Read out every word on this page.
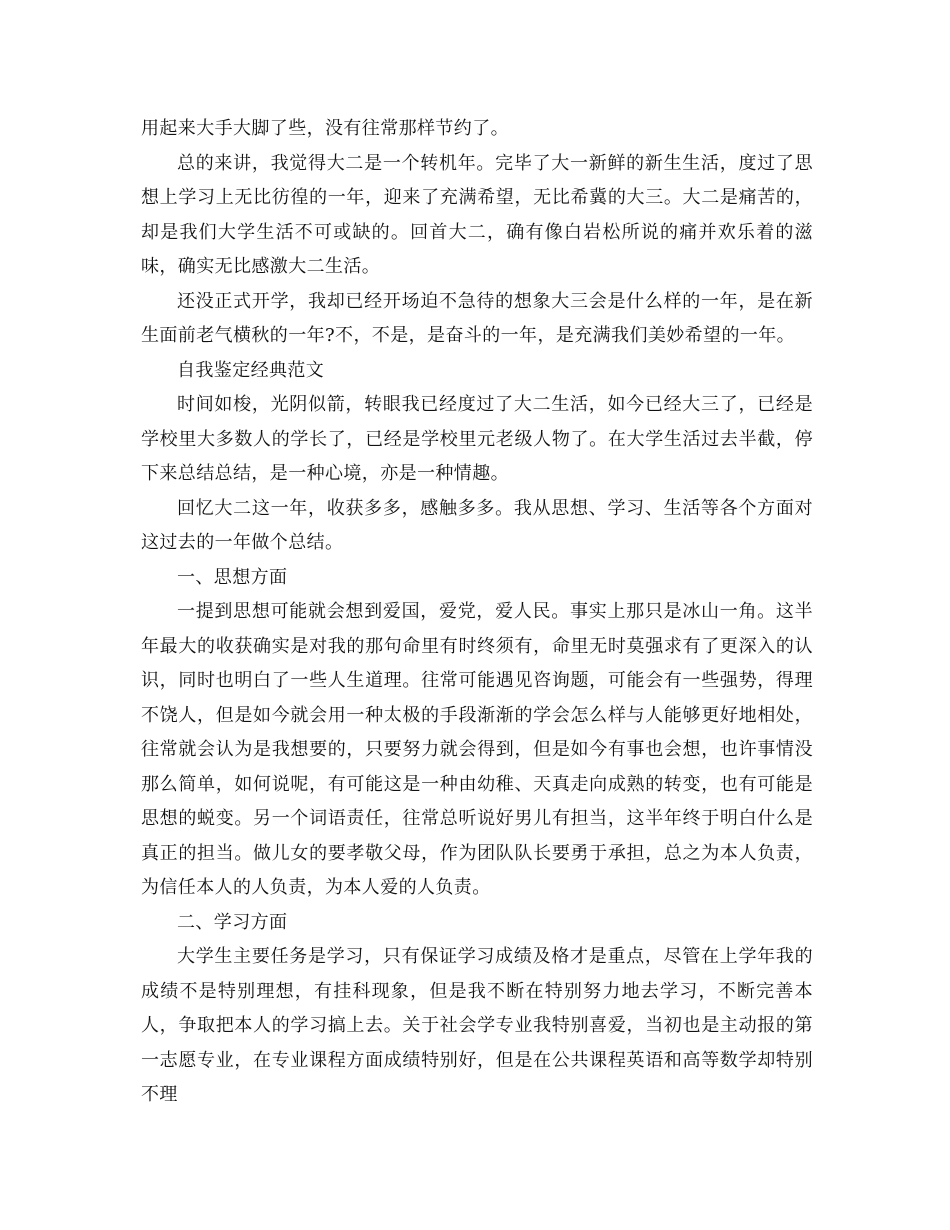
用起来大手大脚了些，没有往常那样节约了。

总的来讲，我觉得大二是一个转机年。完毕了大一新鲜的新生生活，度过了思想上学习上无比彷徨的一年，迎来了充满希望，无比希冀的大三。大二是痛苦的，却是我们大学生活不可或缺的。回首大二，确有像白岩松所说的痛并欢乐着的滋味，确实无比感激大二生活。

还没正式开学，我却已经开场迫不急待的想象大三会是什么样的一年，是在新生面前老气横秋的一年?不，不是，是奋斗的一年，是充满我们美妙希望的一年。

自我鉴定经典范文

时间如梭，光阴似箭，转眼我已经度过了大二生活，如今已经大三了，已经是学校里大多数人的学长了，已经是学校里元老级人物了。在大学生活过去半截，停下来总结总结，是一种心境，亦是一种情趣。

回忆大二这一年，收获多多，感触多多。我从思想、学习、生活等各个方面对这过去的一年做个总结。

一、思想方面

一提到思想可能就会想到爱国，爱党，爱人民。事实上那只是冰山一角。这半年最大的收获确实是对我的那句命里有时终须有，命里无时莫强求有了更深入的认识，同时也明白了一些人生道理。往常可能遇见咨询题，可能会有一些强势，得理不饶人，但是如今就会用一种太极的手段渐渐的学会怎么样与人能够更好地相处，往常就会认为是我想要的，只要努力就会得到，但是如今有事也会想，也许事情没那么简单，如何说呢，有可能这是一种由幼稚、天真走向成熟的转变，也有可能是思想的蜕变。另一个词语责任，往常总听说好男儿有担当，这半年终于明白什么是真正的担当。做儿女的要孝敬父母，作为团队队长要勇于承担，总之为本人负责，为信任本人的人负责，为本人爱的人负责。

二、学习方面

大学生主要任务是学习，只有保证学习成绩及格才是重点，尽管在上学年我的成绩不是特别理想，有挂科现象，但是我不断在特别努力地去学习，不断完善本人，争取把本人的学习搞上去。关于社会学专业我特别喜爱，当初也是主动报的第一志愿专业，在专业课程方面成绩特别好，但是在公共课程英语和高等数学却特别不理
